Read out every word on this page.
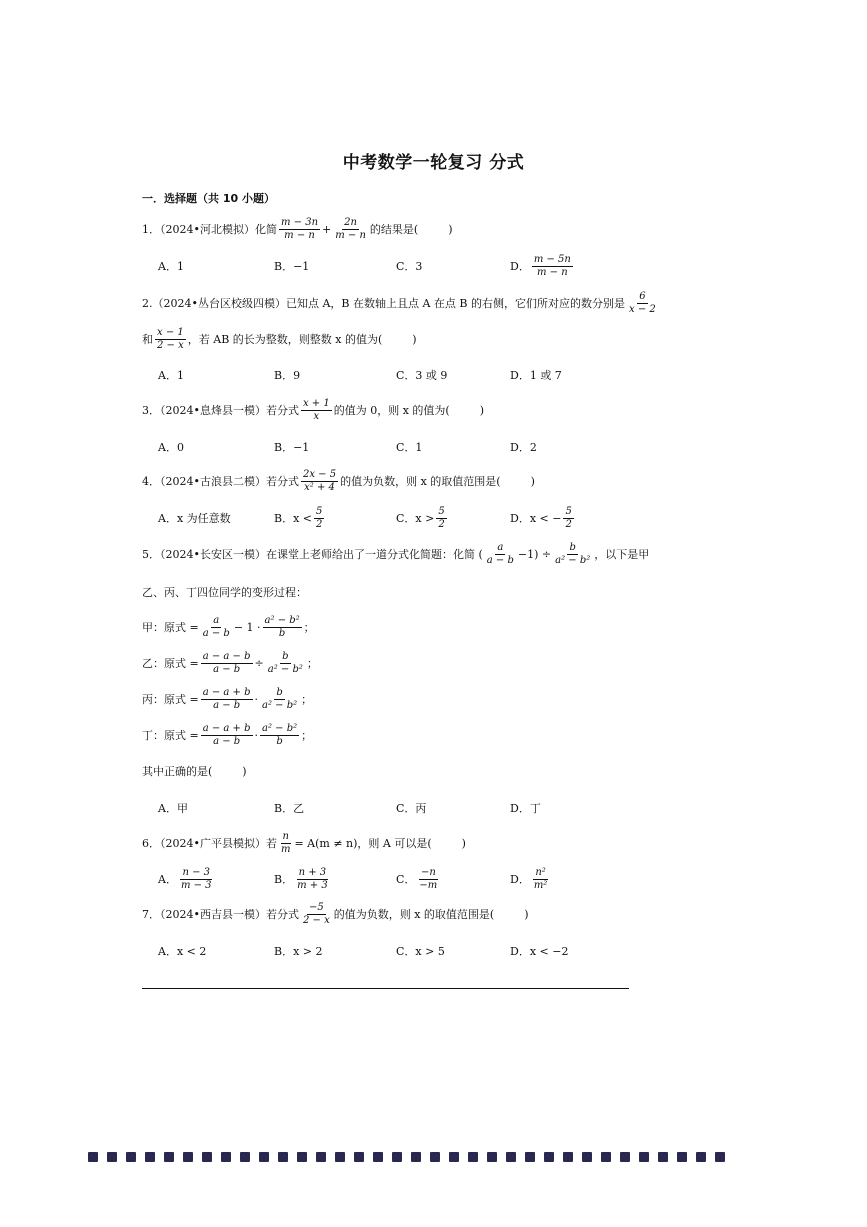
中考数学一轮复习 分式
一．选择题（共 10 小题）
1．（2024•河北模拟）化简 $\frac{m - 3n}{m - n} + \frac{2n}{m - n}$ 的结果是(	)
A．1	B．−1	C．3	D． $\frac{m - 5n}{m - n}$
2.（2024•丛台区校级四模）已知点 A，B 在数轴上且点 A 在点 B 的右侧，它们所对应的数分别是 $\frac{6}{x - 2}$
和 $\frac{x - 1}{2 - x}$ ，若 AB 的长为整数，则整数 x 的值为(	)
A．1	B．9	C．3 或 9	D．1 或 7
3．（2024•息烽县一模）若分式 $\frac{x + 1}{x}$ 的值为 0，则 x 的值为(	)
A．0	B．−1	C．1	D．2
4．（2024•古浪县二模）若分式 $\frac{2x - 5}{\text{x² + 4}}$ 的值为负数，则 x 的取值范围是(	)
A．x 为任意数	B．$x < \frac{5}{2}$	C．$x > \frac{5}{2}$	D．x < − $\frac{5}{2}$
5．（2024•长安区一模）在课堂上老师给出了一道分式化简题：化简 ( $\frac{a}{a - b} -1) \div \frac{b}{\text{a² − b²}}$ ，以下是甲
乙、丙、丁四位同学的变形过程：
甲：原式 = $\frac{a}{a - b} - 1 \cdot \frac{\text{a² − b²}}{b}$ ；
乙：原式 = $\frac{a - a - b}{a - b} \div \frac{b}{\text{a² − b²}}$ ；
丙：原式 = $\frac{a - a + b}{a - b} \cdot \frac{b}{\text{a² − b²}}$ ；
丁：原式 = $\frac{a - a + b}{a - b} \cdot \frac{\text{a² − b²}}{b}$ ；
其中正确的是(	)
A．甲	B．乙	C．丙	D．丁
6．（2024•广平县模拟）若 $\frac{n}{m} = A(m \ne n)$，则 A 可以是(	)
A． $\frac{n - 3}{m - 3}$	B． $\frac{n + 3}{m + 3}$	C． $\frac{-n}{-m}$	D． $\frac{\text{n²}}{\text{m²}}$
7．（2024•西吉县一模）若分式 $\frac{-5}{2 - x}$ 的值为负数，则 x 的取值范围是(	)
A．x < 2	B．x > 2	C．x > 5	D．x < −2
